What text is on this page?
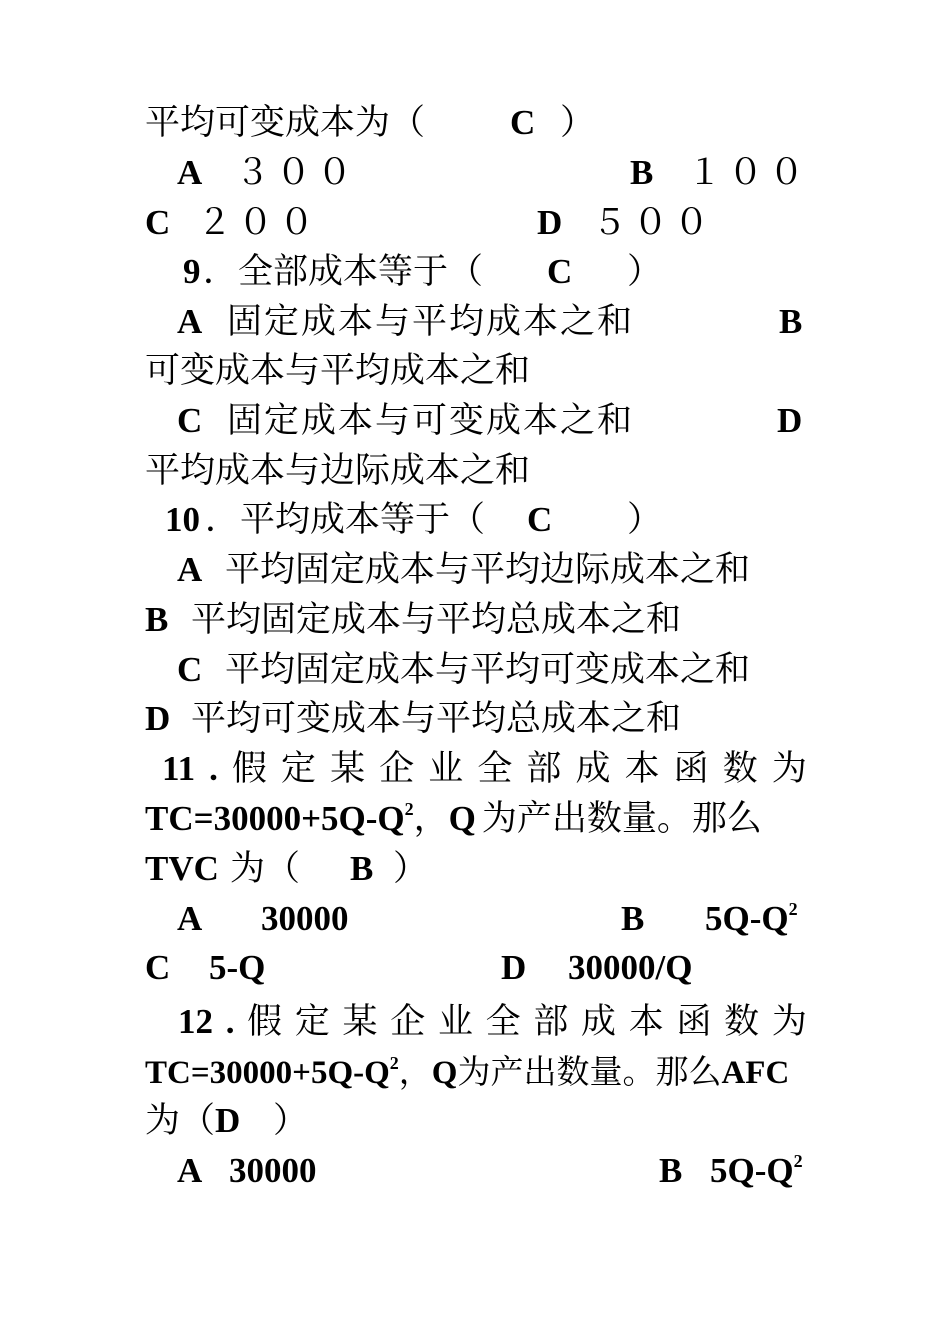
平均可变成本为（ C ）
A ３００	B １００
C ２００	D ５００
9 ．全部成本等于（ C ）
A 固定成本与平均成本之和	B
可变成本与平均成本之和
C 固定成本与可变成本之和	D
平均成本与边际成本之和
10 ．平均成本等于（ C ）
A 平均固定成本与平均边际成本之和
B 平均固定成本与平均总成本之和
C 平均固定成本与平均可变成本之和
D 平均可变成本与平均总成本之和
11 . 假 定 某 企 业 全 部 成 本 函 数 为
$TC=30000+5Q-Q^2$，Q 为产出数量。那么
TVC 为（ B ）
A 30000	B $5Q-Q^2$
C 5-Q	D 30000/Q
12 . 假 定 某 企 业 全 部 成 本 函 数 为
$TC=30000+5Q-Q^2$，Q为产出数量。那么AFC
为（D ）
A 30000	B $5Q-Q^2$
